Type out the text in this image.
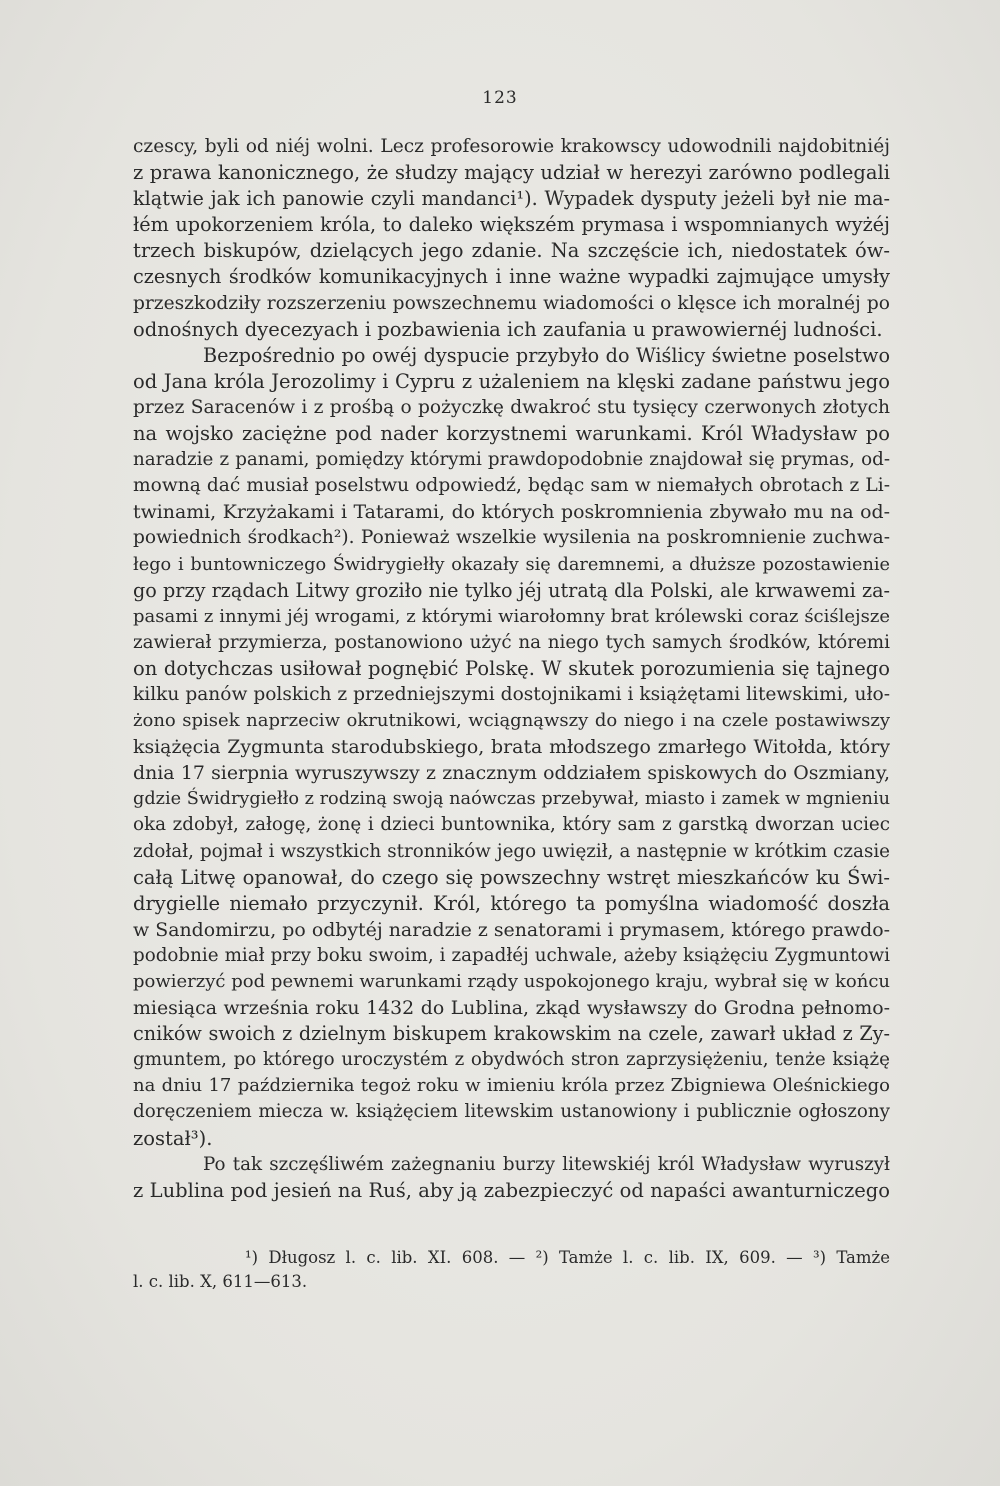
123
czescy, byli od niéj wolni. Lecz profesorowie krakowscy udowodnili najdobitniéj
z prawa kanonicznego, że słudzy mający udział w herezyi zarówno podlegali
klątwie jak ich panowie czyli mandanci¹). Wypadek dysputy jeżeli był nie ma-
łém upokorzeniem króla, to daleko większém prymasa i wspomnianych wyżéj
trzech biskupów, dzielących jego zdanie. Na szczęście ich, niedostatek ów-
czesnych środków komunikacyjnych i inne ważne wypadki zajmujące umysły
przeszkodziły rozszerzeniu powszechnemu wiadomości o klęsce ich moralnéj po
odnośnych dyecezyach i pozbawienia ich zaufania u prawowiernéj ludności.
Bezpośrednio po owéj dyspucie przybyło do Wiślicy świetne poselstwo
od Jana króla Jerozolimy i Cypru z użaleniem na klęski zadane państwu jego
przez Saracenów i z prośbą o pożyczkę dwakroć stu tysięcy czerwonych złotych
na wojsko zaciężne pod nader korzystnemi warunkami. Król Władysław po
naradzie z panami, pomiędzy którymi prawdopodobnie znajdował się prymas, od-
mowną dać musiał poselstwu odpowiedź, będąc sam w niemałych obrotach z Li-
twinami, Krzyżakami i Tatarami, do których poskromnienia zbywało mu na od-
powiednich środkach²). Ponieważ wszelkie wysilenia na poskromnienie zuchwa-
łego i buntowniczego Świdrygiełły okazały się daremnemi, a dłuższe pozostawienie
go przy rządach Litwy groziło nie tylko jéj utratą dla Polski, ale krwawemi za-
pasami z innymi jéj wrogami, z którymi wiarołomny brat królewski coraz ściślejsze
zawierał przymierza, postanowiono użyć na niego tych samych środków, któremi
on dotychczas usiłował pognębić Polskę. W skutek porozumienia się tajnego
kilku panów polskich z przedniejszymi dostojnikami i książętami litewskimi, uło-
żono spisek naprzeciw okrutnikowi, wciągnąwszy do niego i na czele postawiwszy
książęcia Zygmunta starodubskiego, brata młodszego zmarłego Witołda, który
dnia 17 sierpnia wyruszywszy z znacznym oddziałem spiskowych do Oszmiany,
gdzie Świdrygiełło z rodziną swoją naówczas przebywał, miasto i zamek w mgnieniu
oka zdobył, załogę, żonę i dzieci buntownika, który sam z garstką dworzan uciec
zdołał, pojmał i wszystkich stronników jego uwięził, a następnie w krótkim czasie
całą Litwę opanował, do czego się powszechny wstręt mieszkańców ku Świ-
drygielle niemało przyczynił. Król, którego ta pomyślna wiadomość doszła
w Sandomirzu, po odbytéj naradzie z senatorami i prymasem, którego prawdo-
podobnie miał przy boku swoim, i zapadłéj uchwale, ażeby książęciu Zygmuntowi
powierzyć pod pewnemi warunkami rządy uspokojonego kraju, wybrał się w końcu
miesiąca września roku 1432 do Lublina, zkąd wysławszy do Grodna pełnomo-
cników swoich z dzielnym biskupem krakowskim na czele, zawarł układ z Zy-
gmuntem, po którego uroczystém z obydwóch stron zaprzysiężeniu, tenże książę
na dniu 17 października tegoż roku w imieniu króla przez Zbigniewa Oleśnickiego
doręczeniem miecza w. książęciem litewskim ustanowiony i publicznie ogłoszony
został³).
Po tak szczęśliwém zażegnaniu burzy litewskiéj król Władysław wyruszył
z Lublina pod jesień na Ruś, aby ją zabezpieczyć od napaści awanturniczego
¹) Długosz l. c. lib. XI. 608. — ²) Tamże l. c. lib. IX, 609. — ³) Tamże
l. c. lib. X, 611—613.
